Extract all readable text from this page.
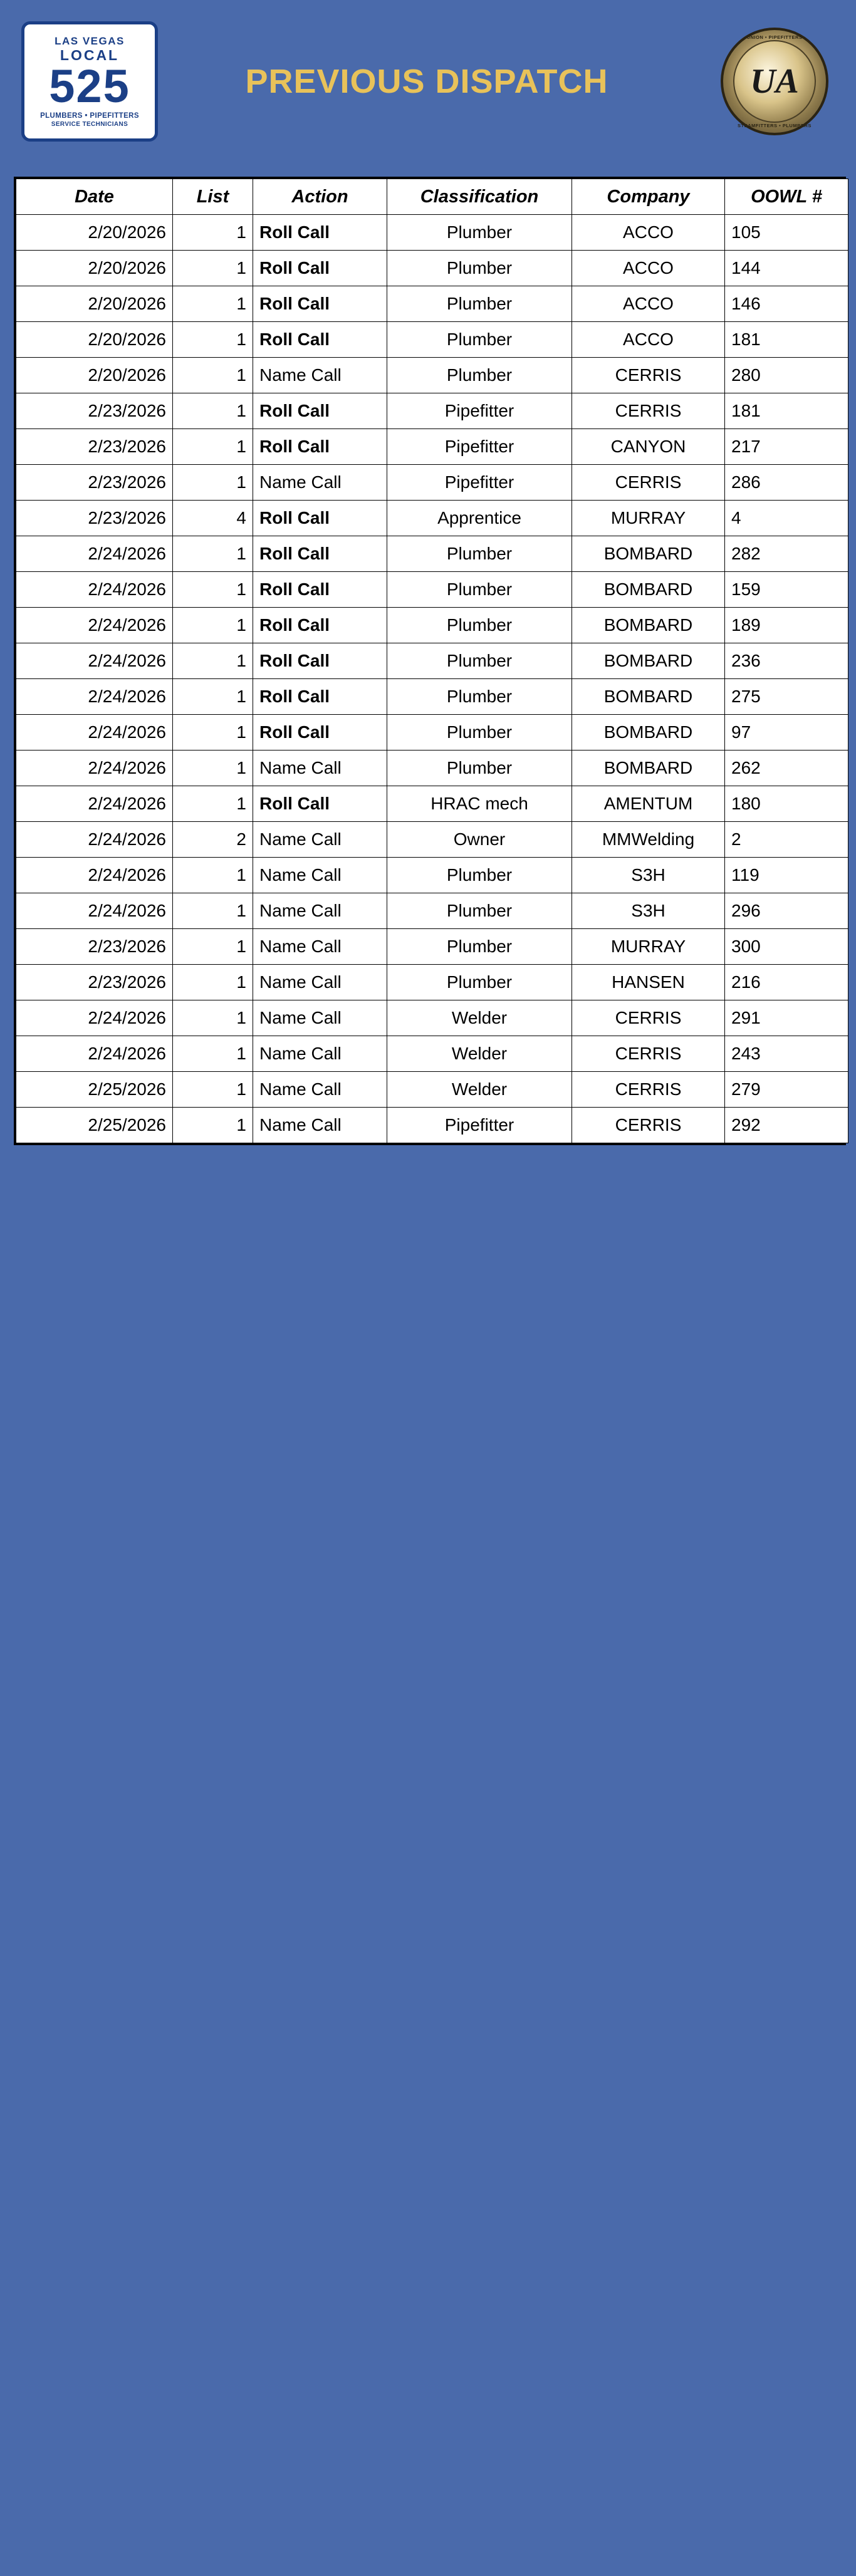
LAS VEGAS
LOCAL
525
PLUMBERS • PIPEFITTERS
SERVICE TECHNICIANS
PREVIOUS DISPATCH
UNION • PIPEFITTERS
UA
STEAMFITTERS • PLUMBERS
Date	List	Action	Classification	Company	OOWL #
2/20/2026	1	Roll Call	Plumber	ACCO	105
2/20/2026	1	Roll Call	Plumber	ACCO	144
2/20/2026	1	Roll Call	Plumber	ACCO	146
2/20/2026	1	Roll Call	Plumber	ACCO	181
2/20/2026	1	Name Call	Plumber	CERRIS	280
2/23/2026	1	Roll Call	Pipefitter	CERRIS	181
2/23/2026	1	Roll Call	Pipefitter	CANYON	217
2/23/2026	1	Name Call	Pipefitter	CERRIS	286
2/23/2026	4	Roll Call	Apprentice	MURRAY	4
2/24/2026	1	Roll Call	Plumber	BOMBARD	282
2/24/2026	1	Roll Call	Plumber	BOMBARD	159
2/24/2026	1	Roll Call	Plumber	BOMBARD	189
2/24/2026	1	Roll Call	Plumber	BOMBARD	236
2/24/2026	1	Roll Call	Plumber	BOMBARD	275
2/24/2026	1	Roll Call	Plumber	BOMBARD	97
2/24/2026	1	Name Call	Plumber	BOMBARD	262
2/24/2026	1	Roll Call	HRAC mech	AMENTUM	180
2/24/2026	2	Name Call	Owner	MMWelding	2
2/24/2026	1	Name Call	Plumber	S3H	119
2/24/2026	1	Name Call	Plumber	S3H	296
2/23/2026	1	Name Call	Plumber	MURRAY	300
2/23/2026	1	Name Call	Plumber	HANSEN	216
2/24/2026	1	Name Call	Welder	CERRIS	291
2/24/2026	1	Name Call	Welder	CERRIS	243
2/25/2026	1	Name Call	Welder	CERRIS	279
2/25/2026	1	Name Call	Pipefitter	CERRIS	292
